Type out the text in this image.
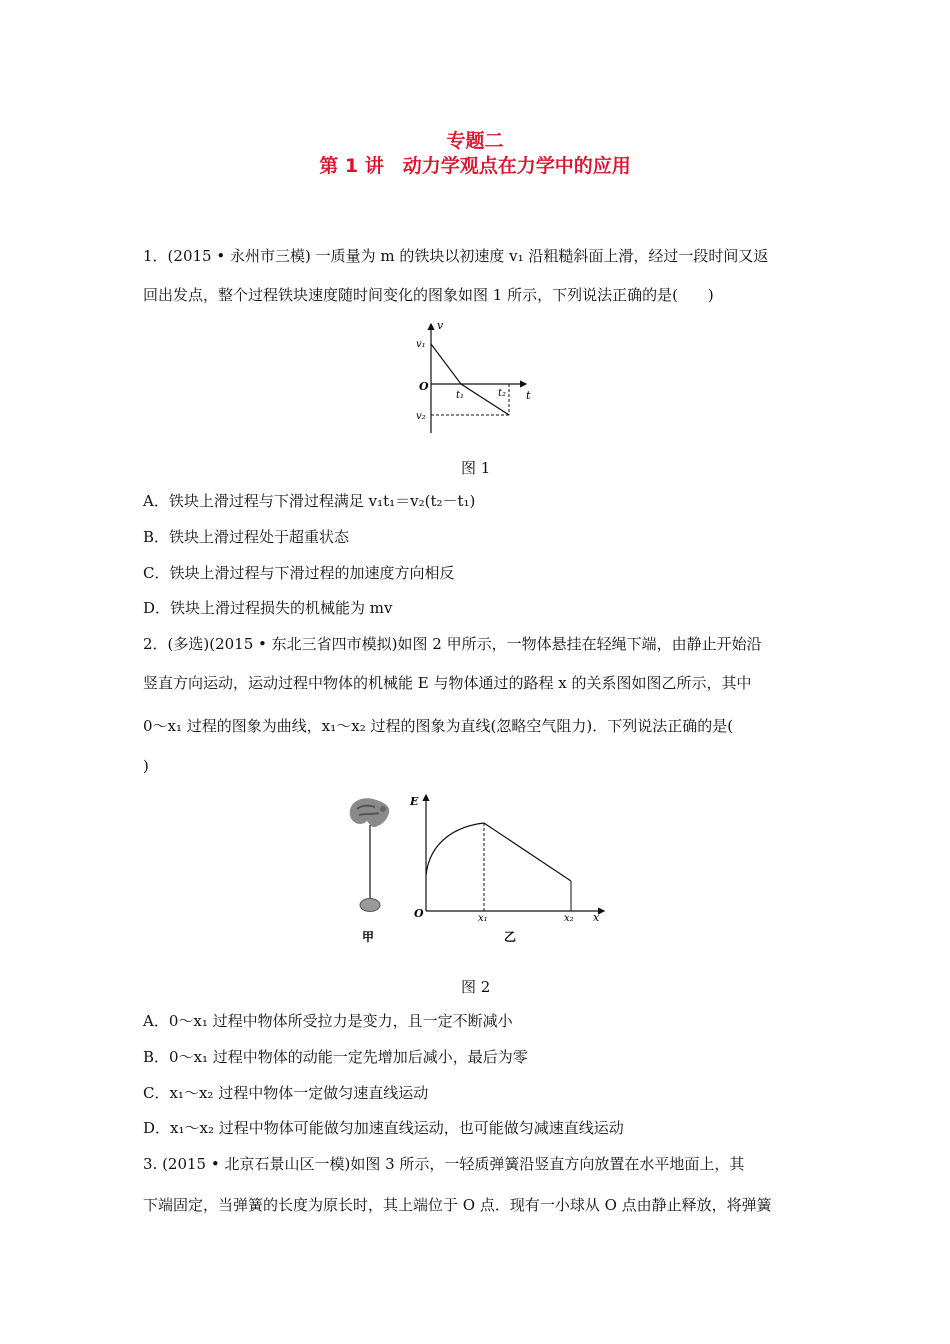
专题二
第 1 讲　动力学观点在力学中的应用
1．(2015 • 永州市三模) 一质量为 m 的铁块以初速度 v₁ 沿粗糙斜面上滑，经过一段时间又返
回出发点，整个过程铁块速度随时间变化的图象如图 1 所示，下列说法正确的是(　　)
v
v₁
O
t₁	t₂ t
v₂
图 1
A．铁块上滑过程与下滑过程满足 v₁t₁＝v₂(t₂－t₁)
B．铁块上滑过程处于超重状态
C．铁块上滑过程与下滑过程的加速度方向相反
D．铁块上滑过程损失的机械能为 mv
2．(多选)(2015 • 东北三省四市模拟)如图 2 甲所示，一物体悬挂在轻绳下端，由静止开始沿
竖直方向运动，运动过程中物体的机械能 E 与物体通过的路程 x 的关系图如图乙所示，其中
0～x₁ 过程的图象为曲线，x₁～x₂ 过程的图象为直线(忽略空气阻力)．下列说法正确的是(
)
甲
E
O	x₁	x₂ x
乙
图 2
A．0～x₁ 过程中物体所受拉力是变力，且一定不断减小
B．0～x₁ 过程中物体的动能一定先增加后减小，最后为零
C．x₁～x₂ 过程中物体一定做匀速直线运动
D．x₁～x₂ 过程中物体可能做匀加速直线运动，也可能做匀减速直线运动
3. (2015 • 北京石景山区一模)如图 3 所示，一轻质弹簧沿竖直方向放置在水平地面上，其
下端固定，当弹簧的长度为原长时，其上端位于 O 点．现有一小球从 O 点由静止释放，将弹簧
